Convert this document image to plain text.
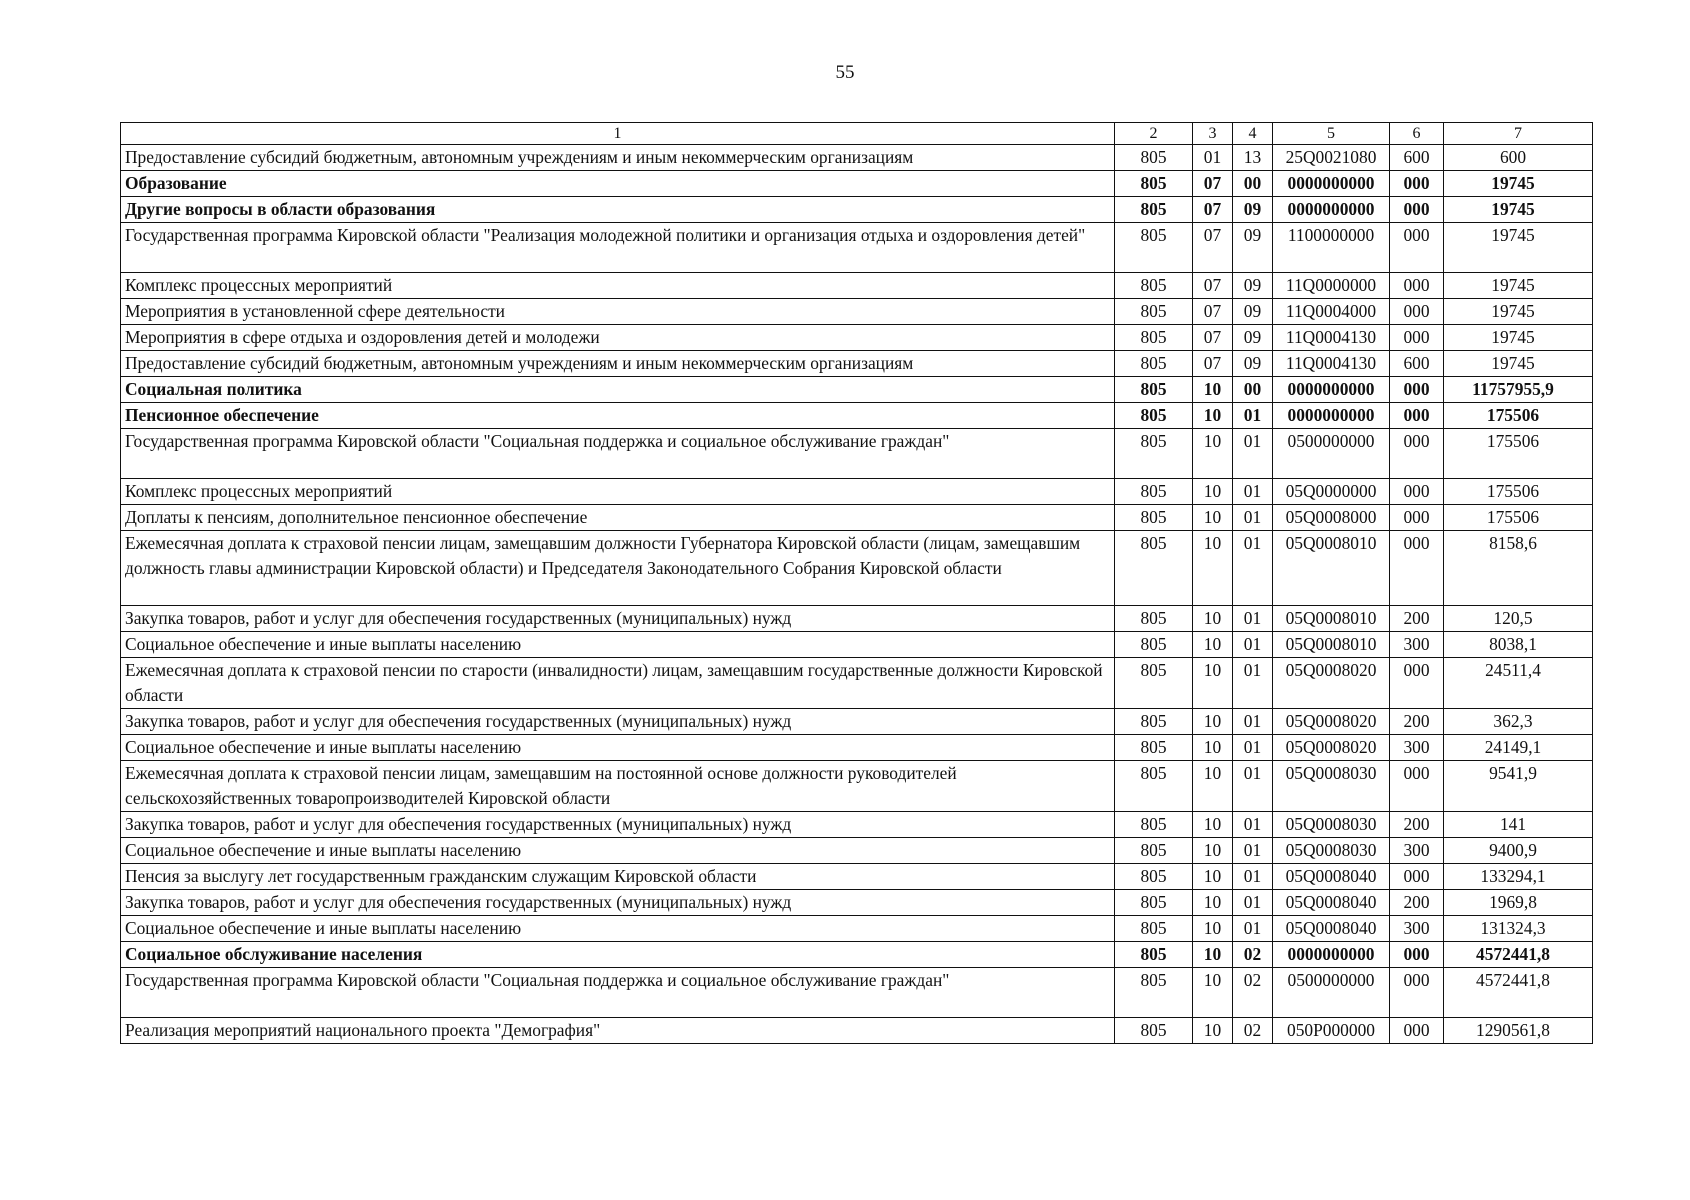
55
1	2	3	4	5	6	7
Предоставление субсидий бюджетным, автономным учреждениям и иным некоммерческим организациям	805	01	13	25Q0021080	600	600
Образование	805	07	00	0000000000	000	19745
Другие вопросы в области образования	805	07	09	0000000000	000	19745
Государственная программа Кировской области "Реализация молодежной политики и организация отдыха и оздоровления детей"	805	07	09	1100000000	000	19745
Комплекс процессных мероприятий	805	07	09	11Q0000000	000	19745
Мероприятия в установленной сфере деятельности	805	07	09	11Q0004000	000	19745
Мероприятия в сфере отдыха и оздоровления детей и молодежи	805	07	09	11Q0004130	000	19745
Предоставление субсидий бюджетным, автономным учреждениям и иным некоммерческим организациям	805	07	09	11Q0004130	600	19745
Социальная политика	805	10	00	0000000000	000	11757955,9
Пенсионное обеспечение	805	10	01	0000000000	000	175506
Государственная программа Кировской области "Социальная поддержка и социальное обслуживание граждан"	805	10	01	0500000000	000	175506
Комплекс процессных мероприятий	805	10	01	05Q0000000	000	175506
Доплаты к пенсиям, дополнительное пенсионное обеспечение	805	10	01	05Q0008000	000	175506
Ежемесячная доплата к страховой пенсии лицам, замещавшим должности Губернатора Кировской области (лицам, замещавшим должность главы администрации Кировской области) и Председателя Законодательного Собрания Кировской области	805	10	01	05Q0008010	000	8158,6
Закупка товаров, работ и услуг для обеспечения государственных (муниципальных) нужд	805	10	01	05Q0008010	200	120,5
Социальное обеспечение и иные выплаты населению	805	10	01	05Q0008010	300	8038,1
Ежемесячная доплата к страховой пенсии по старости (инвалидности) лицам, замещавшим государственные должности Кировской области	805	10	01	05Q0008020	000	24511,4
Закупка товаров, работ и услуг для обеспечения государственных (муниципальных) нужд	805	10	01	05Q0008020	200	362,3
Социальное обеспечение и иные выплаты населению	805	10	01	05Q0008020	300	24149,1
Ежемесячная доплата к страховой пенсии лицам, замещавшим на постоянной основе должности руководителей сельскохозяйственных товаропроизводителей Кировской области	805	10	01	05Q0008030	000	9541,9
Закупка товаров, работ и услуг для обеспечения государственных (муниципальных) нужд	805	10	01	05Q0008030	200	141
Социальное обеспечение и иные выплаты населению	805	10	01	05Q0008030	300	9400,9
Пенсия за выслугу лет государственным гражданским служащим Кировской области	805	10	01	05Q0008040	000	133294,1
Закупка товаров, работ и услуг для обеспечения государственных (муниципальных) нужд	805	10	01	05Q0008040	200	1969,8
Социальное обеспечение и иные выплаты населению	805	10	01	05Q0008040	300	131324,3
Социальное обслуживание населения	805	10	02	0000000000	000	4572441,8
Государственная программа Кировской области "Социальная поддержка и социальное обслуживание граждан"	805	10	02	0500000000	000	4572441,8
Реализация мероприятий национального проекта "Демография"	805	10	02	050P000000	000	1290561,8
